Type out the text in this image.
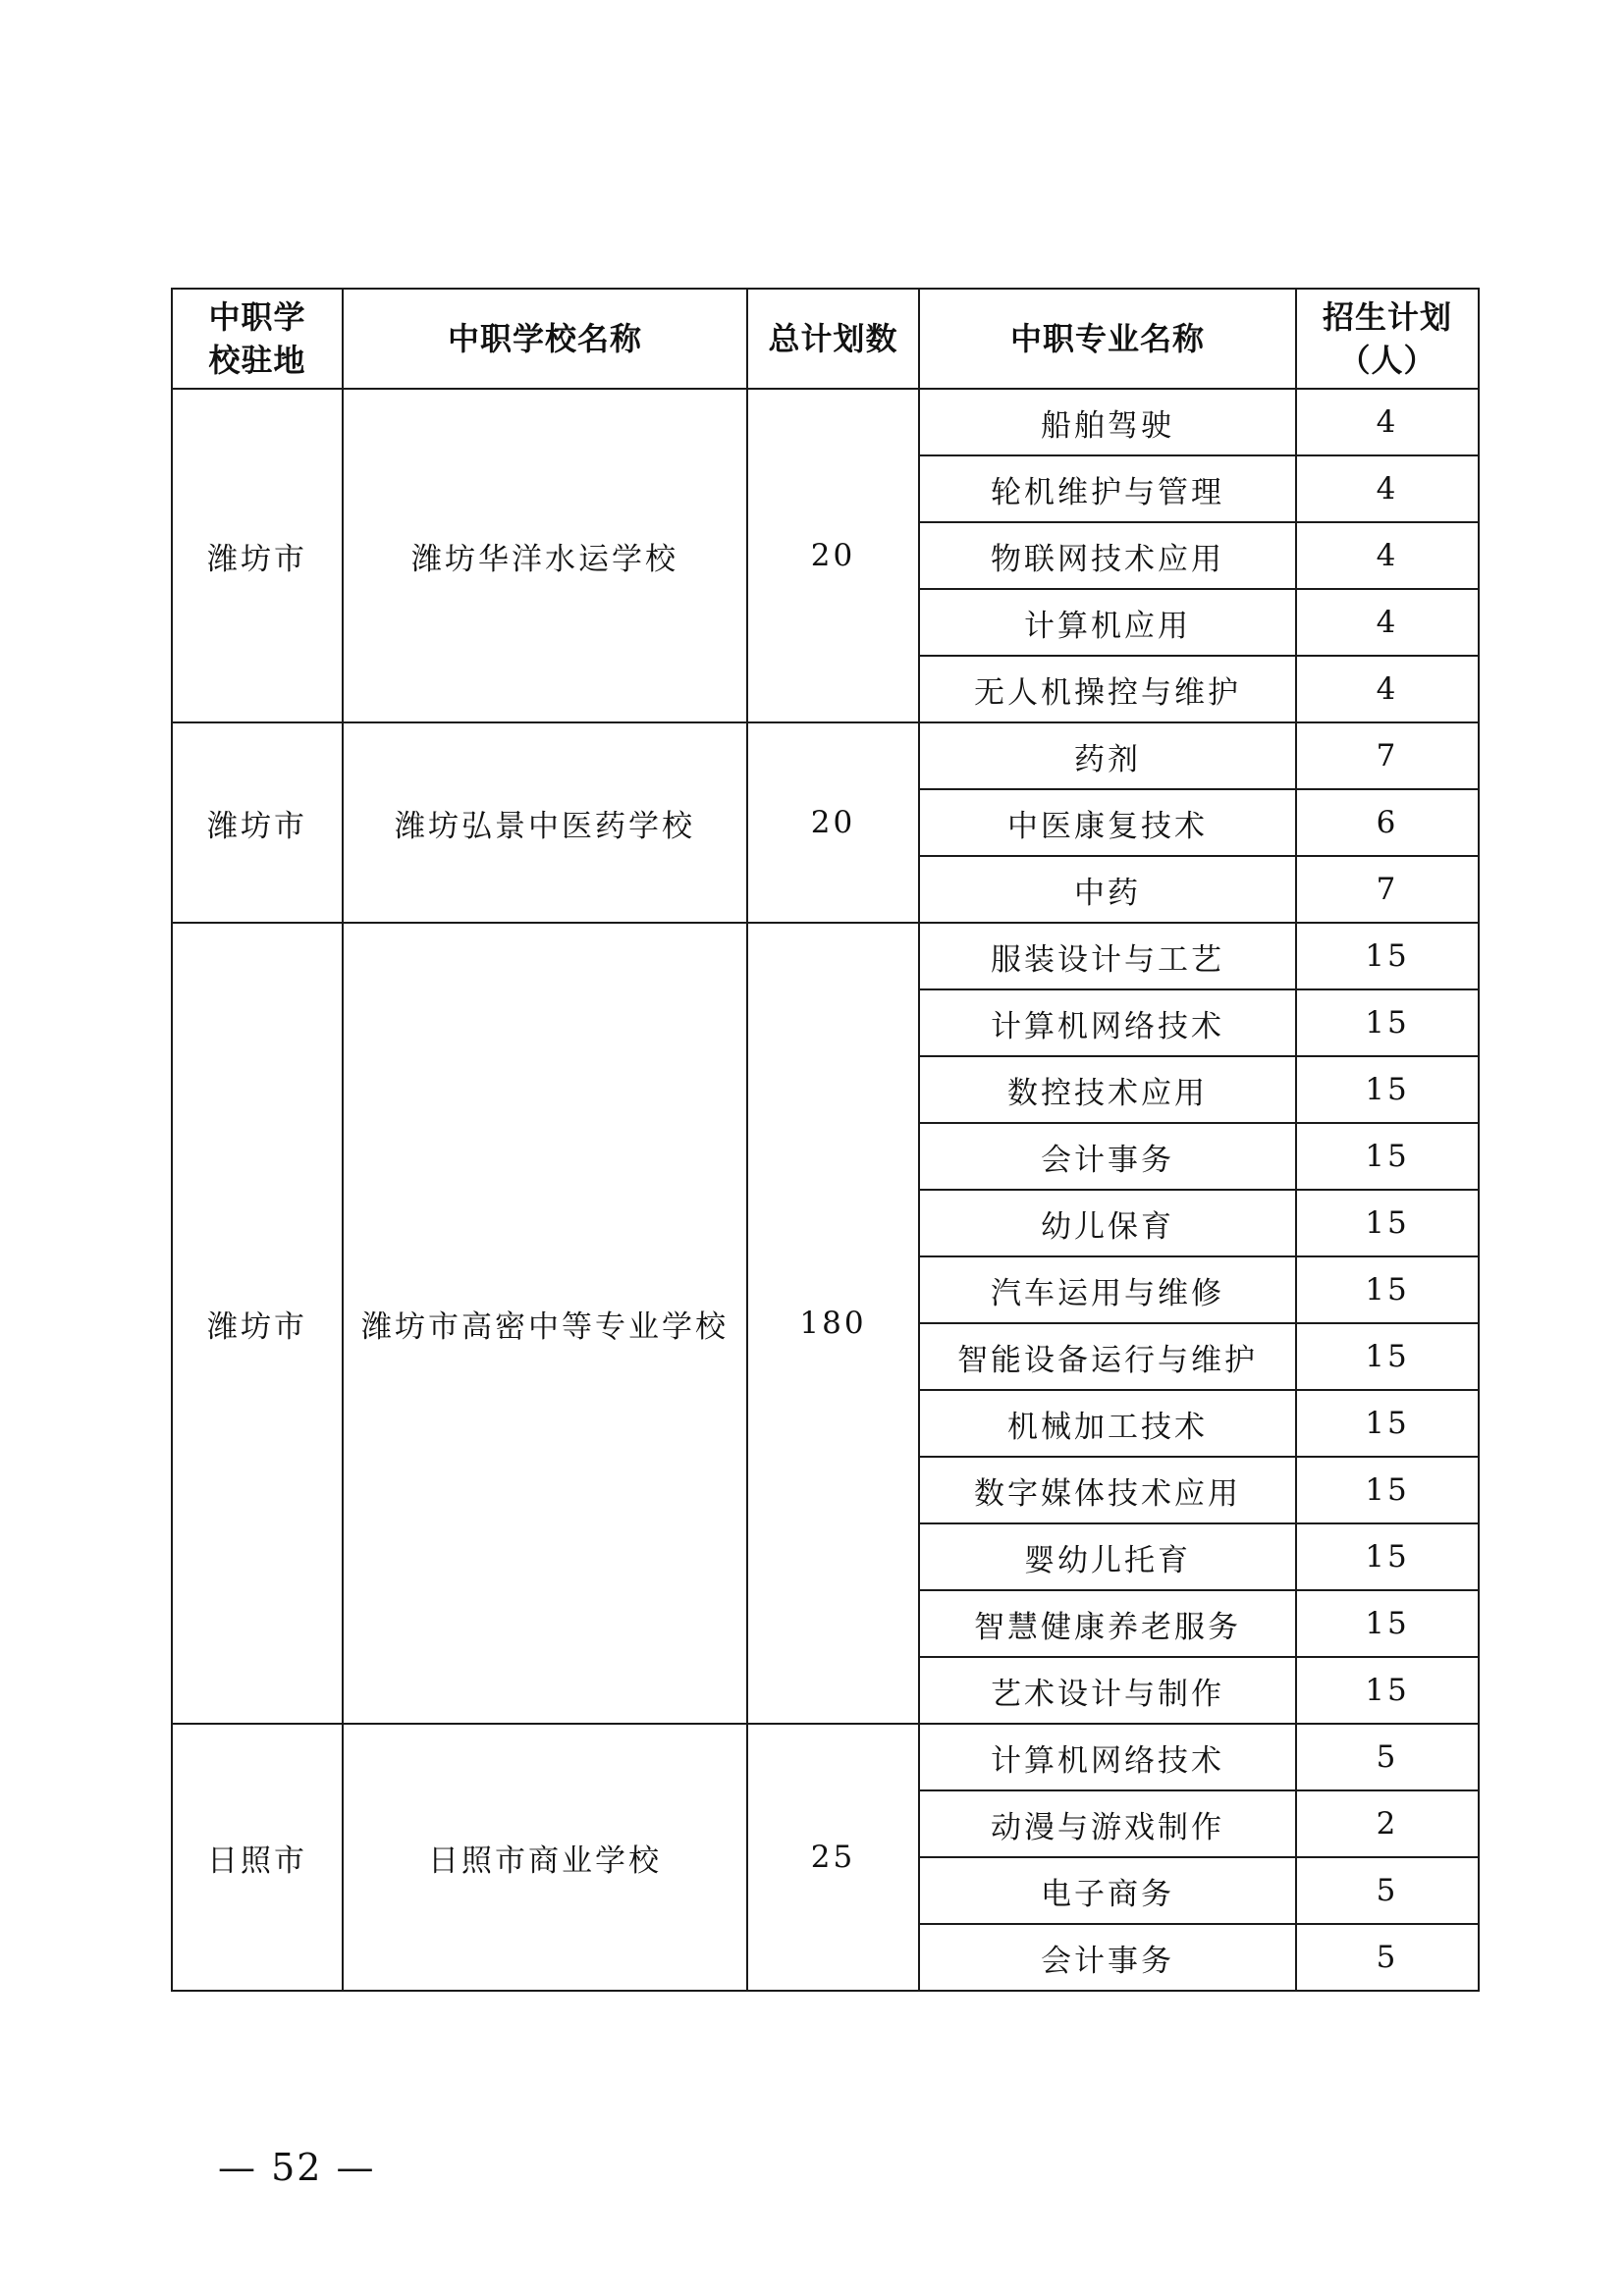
中职学校驻地	中职学校名称	总计划数	中职专业名称	招生计划（人）
潍坊市	潍坊华洋水运学校	20	船舶驾驶	4
			轮机维护与管理	4
			物联网技术应用	4
			计算机应用	4
			无人机操控与维护	4
潍坊市	潍坊弘景中医药学校	20	药剂	7
			中医康复技术	6
			中药	7
潍坊市	潍坊市高密中等专业学校	180	服装设计与工艺	15
			计算机网络技术	15
			数控技术应用	15
			会计事务	15
			幼儿保育	15
			汽车运用与维修	15
			智能设备运行与维护	15
			机械加工技术	15
			数字媒体技术应用	15
			婴幼儿托育	15
			智慧健康养老服务	15
			艺术设计与制作	15
日照市	日照市商业学校	25	计算机网络技术	5
			动漫与游戏制作	2
			电子商务	5
			会计事务	5
— 52 —
